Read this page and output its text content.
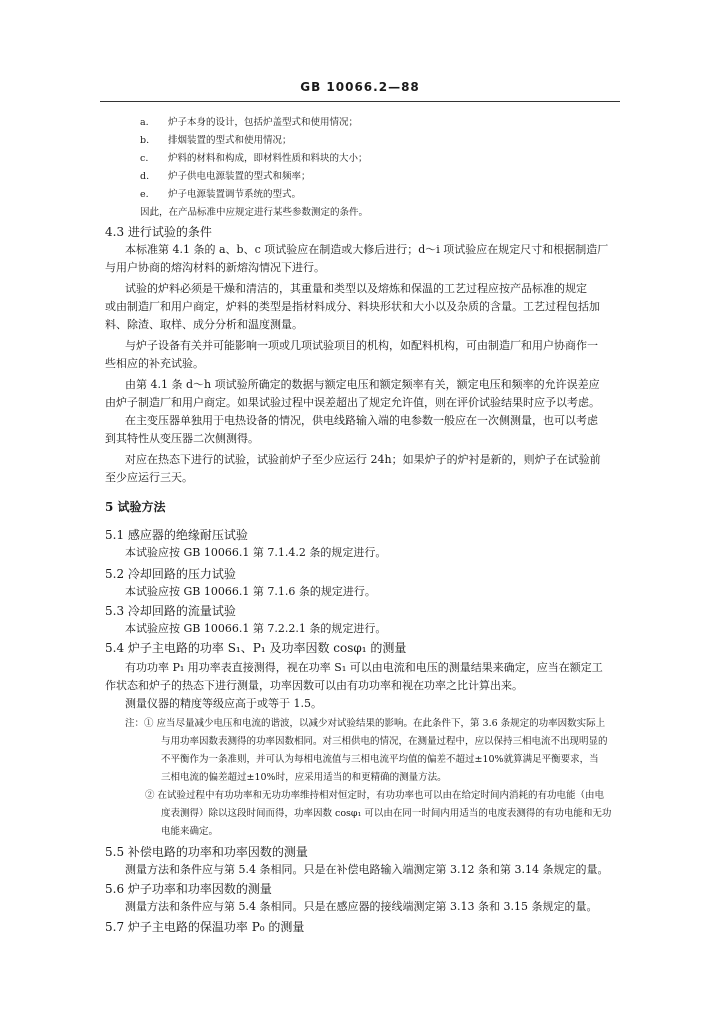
GB 10066.2—88
a. 炉子本身的设计，包括炉盖型式和使用情况；
b. 排烟装置的型式和使用情况；
c. 炉料的材料和构成，即材料性质和料块的大小；
d. 炉子供电电源装置的型式和频率；
e. 炉子电源装置调节系统的型式。
因此，在产品标准中应规定进行某些参数测定的条件。
4.3 进行试验的条件
本标准第 4.1 条的 a、b、c 项试验应在制造或大修后进行；d～i 项试验应在规定尺寸和根据制造厂
与用户协商的熔沟材料的新熔沟情况下进行。
试验的炉料必须是干燥和清洁的，其重量和类型以及熔炼和保温的工艺过程应按产品标准的规定
或由制造厂和用户商定，炉料的类型是指材料成分、料块形状和大小以及杂质的含量。工艺过程包括加
料、除渣、取样、成分分析和温度测量。
与炉子设备有关并可能影响一项或几项试验项目的机构，如配料机构，可由制造厂和用户协商作一
些相应的补充试验。
由第 4.1 条 d～h 项试验所确定的数据与额定电压和额定频率有关，额定电压和频率的允许误差应
由炉子制造厂和用户商定。如果试验过程中误差超出了规定允许值，则在评价试验结果时应予以考虑。
在主变压器单独用于电热设备的情况，供电线路输入端的电参数一般应在一次侧测量，也可以考虑
到其特性从变压器二次侧测得。
对应在热态下进行的试验，试验前炉子至少应运行 24h；如果炉子的炉衬是新的，则炉子在试验前
至少应运行三天。
5 试验方法
5.1 感应器的绝缘耐压试验
本试验应按 GB 10066.1 第 7.1.4.2 条的规定进行。
5.2 冷却回路的压力试验
本试验应按 GB 10066.1 第 7.1.6 条的规定进行。
5.3 冷却回路的流量试验
本试验应按 GB 10066.1 第 7.2.2.1 条的规定进行。
5.4 炉子主电路的功率 S₁、P₁ 及功率因数 cosφ₁ 的测量
有功功率 P₁ 用功率表直接测得，视在功率 S₁ 可以由电流和电压的测量结果来确定，应当在额定工
作状态和炉子的热态下进行测量，功率因数可以由有功功率和视在功率之比计算出来。
测量仪器的精度等级应高于或等于 1.5。
注：① 应当尽量减少电压和电流的谐波，以减少对试验结果的影响。在此条件下，第 3.6 条规定的功率因数实际上
与用功率因数表测得的功率因数相同。对三相供电的情况，在测量过程中，应以保持三相电流不出现明显的
不平衡作为一条准则，并可认为每相电流值与三相电流平均值的偏差不超过±10%就算满足平衡要求，当
三相电流的偏差超过±10%时，应采用适当的和更精确的测量方法。
② 在试验过程中有功功率和无功功率维持相对恒定时，有功功率也可以由在给定时间内消耗的有功电能（由电
度表测得）除以这段时间而得，功率因数 cosφ₁ 可以由在同一时间内用适当的电度表测得的有功电能和无功
电能来确定。
5.5 补偿电路的功率和功率因数的测量
测量方法和条件应与第 5.4 条相同。只是在补偿电路输入端测定第 3.12 条和第 3.14 条规定的量。
5.6 炉子功率和功率因数的测量
测量方法和条件应与第 5.4 条相同。只是在感应器的接线端测定第 3.13 条和 3.15 条规定的量。
5.7 炉子主电路的保温功率 P₀ 的测量
